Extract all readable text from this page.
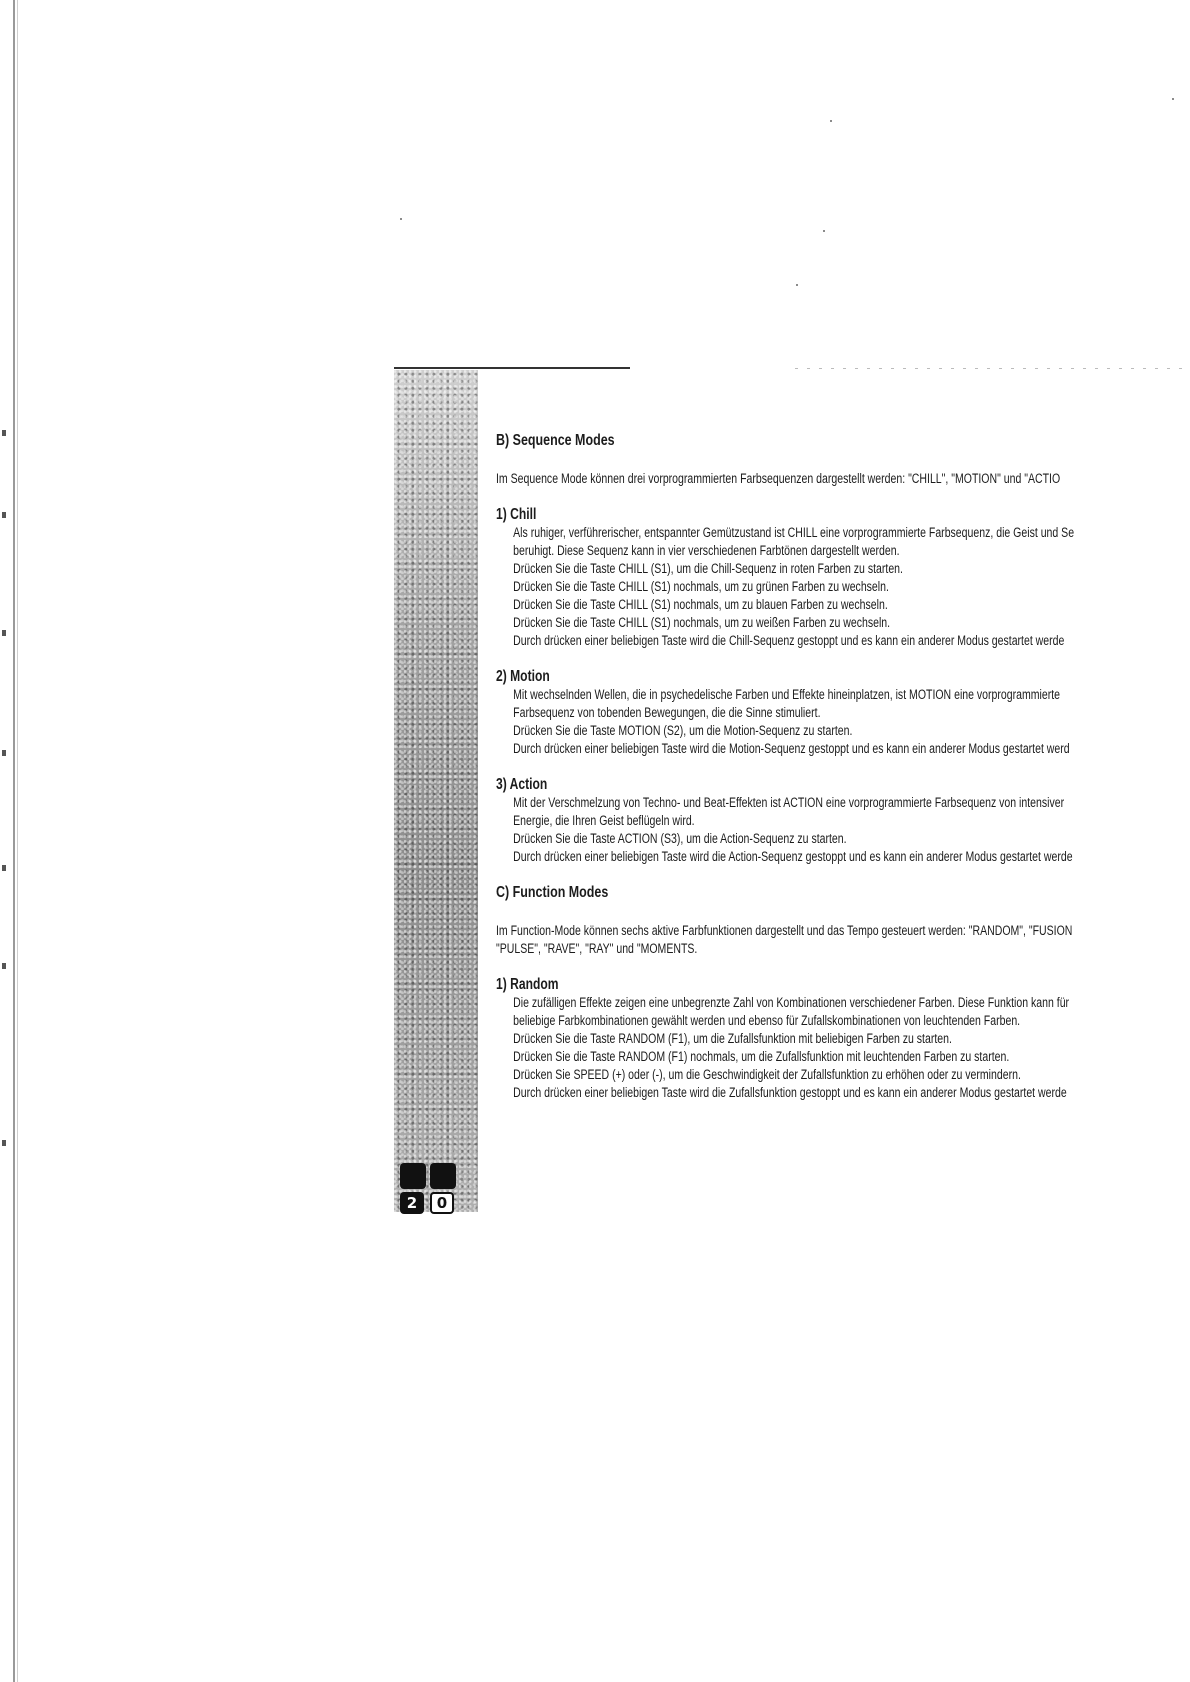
2	0
B) Sequence Modes

Im Sequence Mode können drei vorprogrammierten Farbsequenzen dargestellt werden: "CHILL", "MOTION" und "ACTIO

1) Chill

Als ruhiger, verführerischer, entspannter Gemützustand ist CHILL eine vorprogrammierte Farbsequenz, die Geist und Se

beruhigt. Diese Sequenz kann in vier verschiedenen Farbtönen dargestellt werden.

Drücken Sie die Taste CHILL (S1), um die Chill-Sequenz in roten Farben zu starten.

Drücken Sie die Taste CHILL (S1) nochmals, um zu grünen Farben zu wechseln.

Drücken Sie die Taste CHILL (S1) nochmals, um zu blauen Farben zu wechseln.

Drücken Sie die Taste CHILL (S1) nochmals, um zu weißen Farben zu wechseln.

Durch drücken einer beliebigen Taste wird die Chill-Sequenz gestoppt und es kann ein anderer Modus gestartet werde

2) Motion

Mit wechselnden Wellen, die in psychedelische Farben und Effekte hineinplatzen, ist MOTION eine vorprogrammierte

Farbsequenz von tobenden Bewegungen, die die Sinne stimuliert.

Drücken Sie die Taste MOTION (S2), um die Motion-Sequenz zu starten.

Durch drücken einer beliebigen Taste wird die Motion-Sequenz gestoppt und es kann ein anderer Modus gestartet werd

3) Action

Mit der Verschmelzung von Techno- und Beat-Effekten ist ACTION eine vorprogrammierte Farbsequenz von intensiver

Energie, die Ihren Geist beflügeln wird.

Drücken Sie die Taste ACTION (S3), um die Action-Sequenz zu starten.

Durch drücken einer beliebigen Taste wird die Action-Sequenz gestoppt und es kann ein anderer Modus gestartet werde

C) Function Modes

Im Function-Mode können sechs aktive Farbfunktionen dargestellt und das Tempo gesteuert werden: "RANDOM", "FUSION

"PULSE", "RAVE", "RAY" und "MOMENTS.

1) Random

Die zufälligen Effekte zeigen eine unbegrenzte Zahl von Kombinationen verschiedener Farben. Diese Funktion kann für

beliebige Farbkombinationen gewählt werden und ebenso für Zufallskombinationen von leuchtenden Farben.

Drücken Sie die Taste RANDOM (F1), um die Zufallsfunktion mit beliebigen Farben zu starten.

Drücken Sie die Taste RANDOM (F1) nochmals, um die Zufallsfunktion mit leuchtenden Farben zu starten.

Drücken Sie SPEED (+) oder (-), um die Geschwindigkeit der Zufallsfunktion zu erhöhen oder zu vermindern.

Durch drücken einer beliebigen Taste wird die Zufallsfunktion gestoppt und es kann ein anderer Modus gestartet werde
